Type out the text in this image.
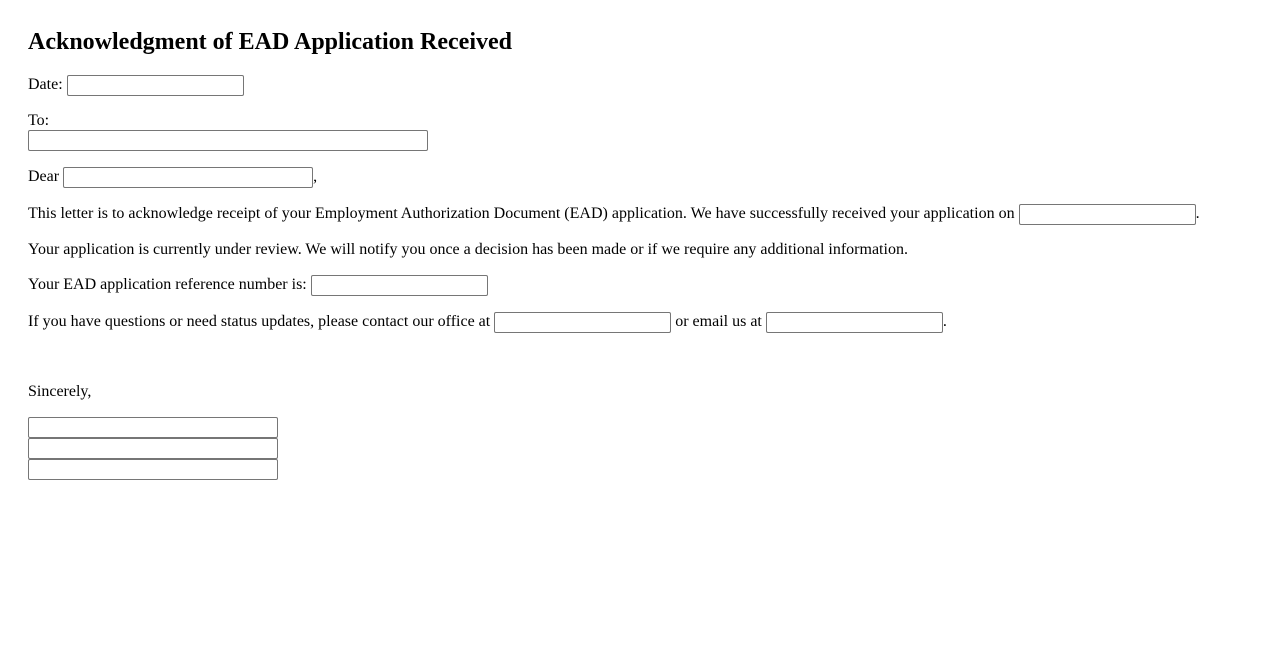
Acknowledgment of EAD Application Received
Date:
To:
Dear	,
This letter is to acknowledge receipt of your Employment Authorization Document (EAD) application. We have successfully received your application on	.
Your application is currently under review. We will notify you once a decision has been made or if we require any additional information.
Your EAD application reference number is:
If you have questions or need status updates, please contact our office at	or email us at	.
Sincerely,
